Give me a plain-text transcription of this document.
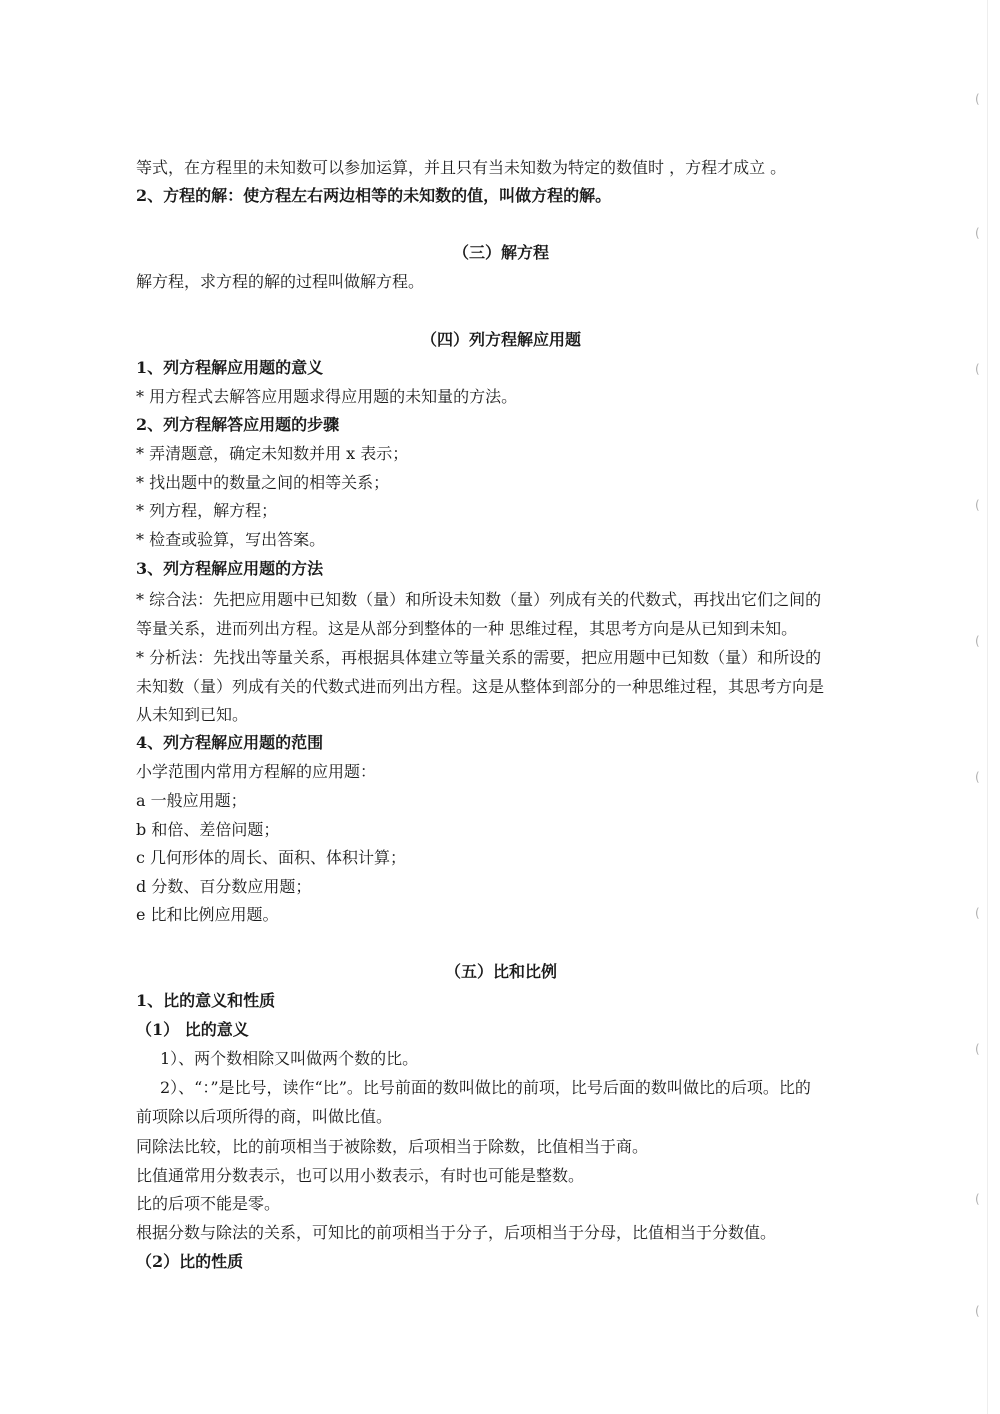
等式，在方程里的未知数可以参加运算，并且只有当未知数为特定的数值时 ，方程才成立 。
2、方程的解：使方程左右两边相等的未知数的值，叫做方程的解。
（三）解方程
解方程，求方程的解的过程叫做解方程。
（四）列方程解应用题
1、列方程解应用题的意义
* 用方程式去解答应用题求得应用题的未知量的方法。
2、列方程解答应用题的步骤
* 弄清题意，确定未知数并用 x 表示；
* 找出题中的数量之间的相等关系；
* 列方程，解方程；
* 检查或验算，写出答案。
3、列方程解应用题的方法
* 综合法：先把应用题中已知数（量）和所设未知数（量）列成有关的代数式，再找出它们之间的
等量关系，进而列出方程。这是从部分到整体的一种 思维过程，其思考方向是从已知到未知。
* 分析法：先找出等量关系，再根据具体建立等量关系的需要，把应用题中已知数（量）和所设的
未知数（量）列成有关的代数式进而列出方程。这是从整体到部分的一种思维过程，其思考方向是
从未知到已知。
4、列方程解应用题的范围
小学范围内常用方程解的应用题：
a 一般应用题；
b 和倍、差倍问题；
c 几何形体的周长、面积、体积计算；
d 分数、百分数应用题；
e 比和比例应用题。
（五）比和比例
1、比的意义和性质
（1） 比的意义
1）、两个数相除又叫做两个数的比。
2）、“：”是比号，读作“比”。比号前面的数叫做比的前项，比号后面的数叫做比的后项。比的
前项除以后项所得的商，叫做比值。
同除法比较，比的前项相当于被除数，后项相当于除数，比值相当于商。
比值通常用分数表示，也可以用小数表示，有时也可能是整数。
比的后项不能是零。
根据分数与除法的关系，可知比的前项相当于分子，后项相当于分母，比值相当于分数值。
（2）比的性质
(
(
(
(
(
(
(
(
(
(
